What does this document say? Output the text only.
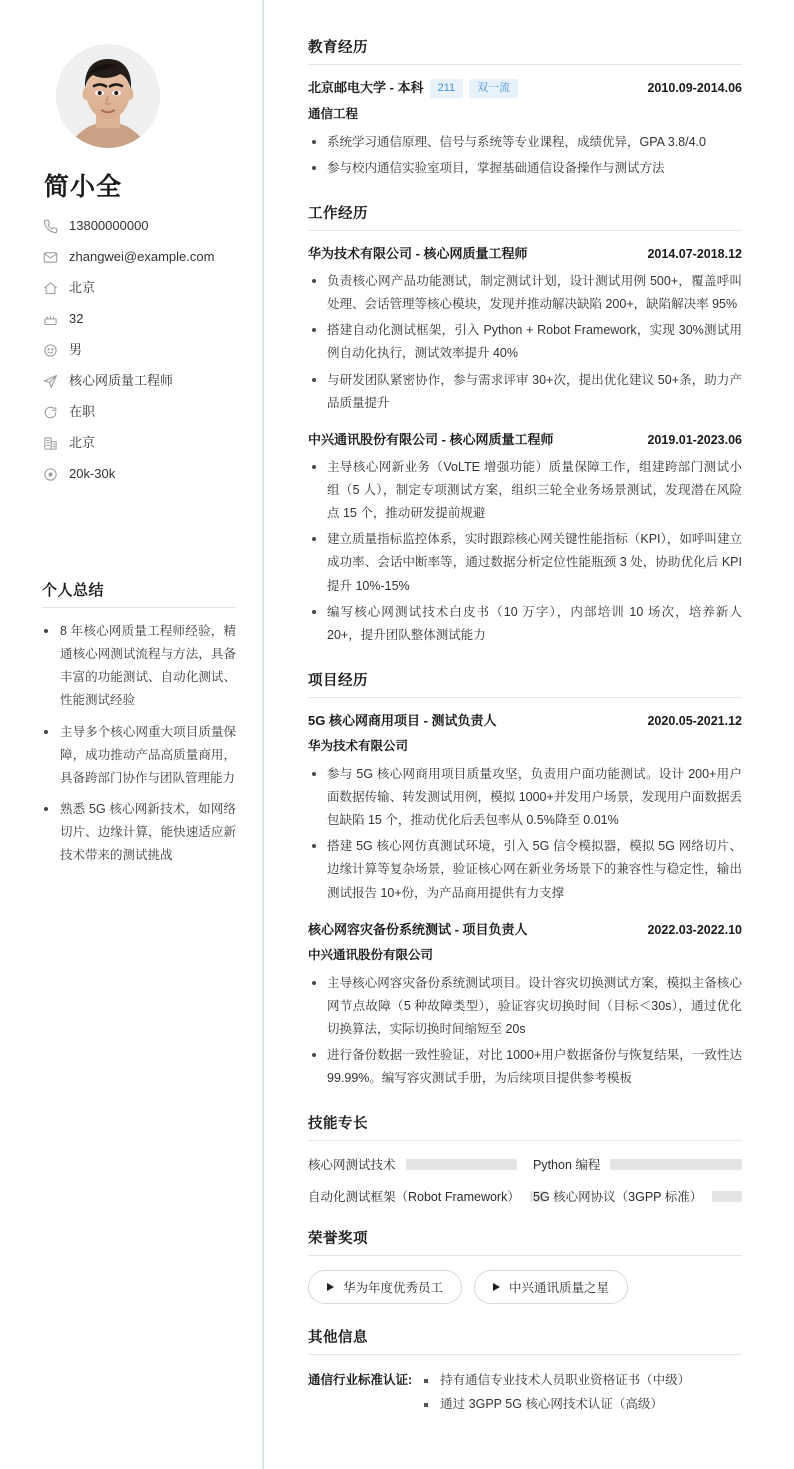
简小全
13800000000
zhangwei@example.com
北京
32
男
核心网质量工程师
在职
北京
20k-30k
个人总结
8 年核心网质量工程师经验，精通核心网测试流程与方法，具备丰富的功能测试、自动化测试、性能测试经验
主导多个核心网重大项目质量保障，成功推动产品高质量商用，具备跨部门协作与团队管理能力
熟悉 5G 核心网新技术，如网络切片、边缘计算，能快速适应新技术带来的测试挑战
教育经历
北京邮电大学 - 本科	211	双一流	2010.09-2014.06
通信工程
系统学习通信原理、信号与系统等专业课程，成绩优异，GPA 3.8/4.0
参与校内通信实验室项目，掌握基础通信设备操作与测试方法
工作经历
华为技术有限公司 - 核心网质量工程师	2014.07-2018.12
负责核心网产品功能测试，制定测试计划，设计测试用例 500+，覆盖呼叫处理、会话管理等核心模块，发现并推动解决缺陷 200+，缺陷解决率 95%
搭建自动化测试框架，引入 Python + Robot Framework，实现 30%测试用例自动化执行，测试效率提升 40%
与研发团队紧密协作，参与需求评审 30+次，提出优化建议 50+条，助力产品质量提升
中兴通讯股份有限公司 - 核心网质量工程师	2019.01-2023.06
主导核心网新业务（VoLTE 增强功能）质量保障工作，组建跨部门测试小组（5 人），制定专项测试方案，组织三轮全业务场景测试，发现潜在风险点 15 个，推动研发提前规避
建立质量指标监控体系，实时跟踪核心网关键性能指标（KPI），如呼叫建立成功率、会话中断率等，通过数据分析定位性能瓶颈 3 处，协助优化后 KPI 提升 10%-15%
编写核心网测试技术白皮书（10 万字），内部培训 10 场次，培养新人 20+，提升团队整体测试能力
项目经历
5G 核心网商用项目 - 测试负责人	2020.05-2021.12
华为技术有限公司
参与 5G 核心网商用项目质量攻坚，负责用户面功能测试。设计 200+用户面数据传输、转发测试用例，模拟 1000+并发用户场景，发现用户面数据丢包缺陷 15 个，推动优化后丢包率从 0.5%降至 0.01%
搭建 5G 核心网仿真测试环境，引入 5G 信令模拟器，模拟 5G 网络切片、边缘计算等复杂场景，验证核心网在新业务场景下的兼容性与稳定性，输出测试报告 10+份，为产品商用提供有力支撑
核心网容灾备份系统测试 - 项目负责人	2022.03-2022.10
中兴通讯股份有限公司
主导核心网容灾备份系统测试项目。设计容灾切换测试方案，模拟主备核心网节点故障（5 种故障类型），验证容灾切换时间（目标＜30s），通过优化切换算法，实际切换时间缩短至 20s
进行备份数据一致性验证，对比 1000+用户数据备份与恢复结果，一致性达 99.99%。编写容灾测试手册，为后续项目提供参考模板
技能专长
核心网测试技术	Python 编程
自动化测试框架（Robot Framework） 5G 核心网协议（3GPP 标准）
荣誉奖项
华为年度优秀员工	中兴通讯质量之星
其他信息
通信行业标准认证:	持有通信专业技术人员职业资格证书（中级）
通过 3GPP 5G 核心网技术认证（高级）
